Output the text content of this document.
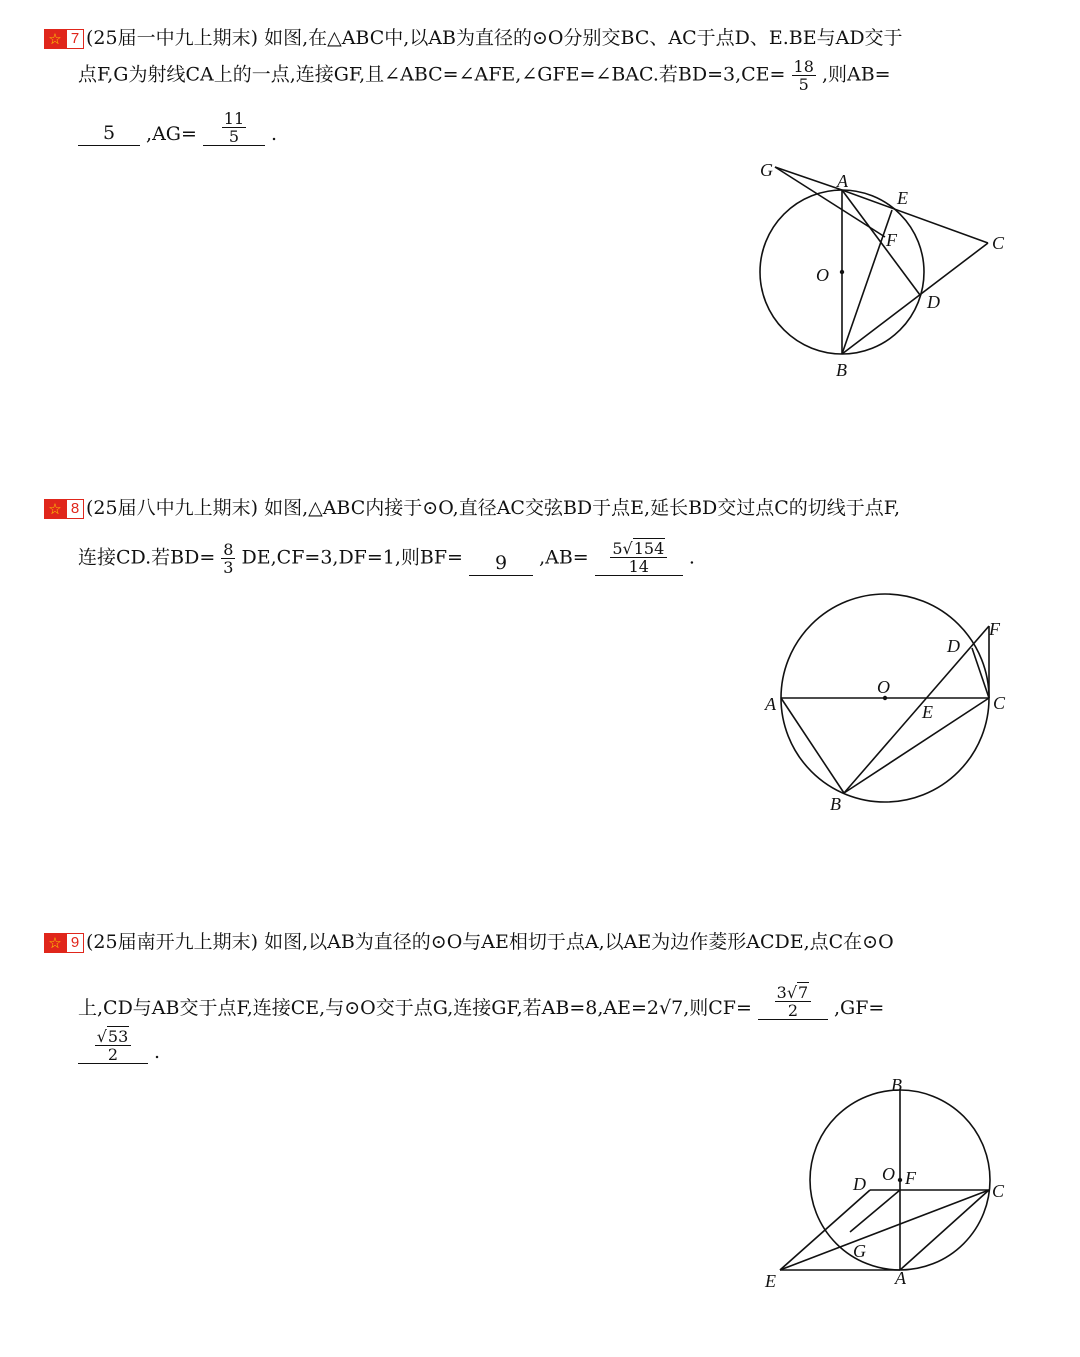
☆ 7 (25届一中九上期末) 如图,在△ABC中,以AB为直径的⊙O分别交BC、AC于点D、E.BE与AD交于
点F,G为射线CA上的一点,连接GF,且∠ABC=∠AFE,∠GFE=∠BAC.若$BD=3,CE= \frac{18}{5}$ ,则AB=
5 $,AG= \frac{11}{5}$ .
G
A
E
F	C
O
D
B
☆ 8 (25届八中九上期末) 如图,△ABC内接于⊙O,直径AC交弦BD于点E,延长BD交过点C的切线于点F,
连接CD.若$BD= \frac{8}{3} DE,CF=3,DF=1$,则BF= 9 $,AB= \frac{5√154}{14}$ .
F
D
O
A	E	C
B
☆ 9 (25届南开九上期末) 如图,以AB为直径的⊙O与AE相切于点A,以AE为边作菱形ACDE,点C在⊙O
上,CD与AB交于点F,连接CE,与⊙O交于点G,连接GF,若AB=8,AE=2√7,则$CF= \frac{3√7}{2} ,GF=$
$\frac{√53}{2}$ .
B
O F
D	C
G
E	A
